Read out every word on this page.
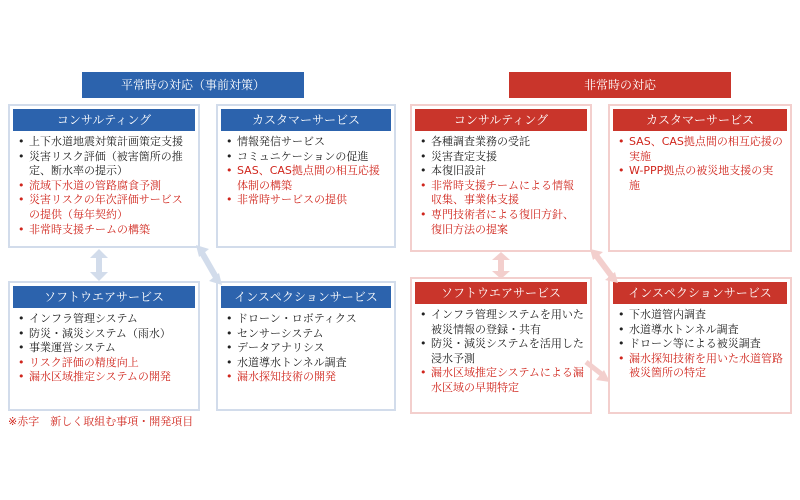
平常時の対応（事前対策）	非常時の対応
コンサルティング
• 上下水道地震対策計画策定支援
• 災害リスク評価（被害箇所の推定、断水率の提示）
• 流域下水道の管路腐食予測
• 災害リスクの年次評価サービスの提供（毎年契約）
• 非常時支援チームの構築
カスタマーサービス
• 情報発信サービス
• コミュニケーションの促進
• SAS、CAS拠点間の相互応援体制の構築
• 非常時サービスの提供
ソフトウエアサービス
• インフラ管理システム
• 防災・減災システム（雨水）
• 事業運営システム
• リスク評価の精度向上
• 漏水区域推定システムの開発
インスペクションサービス
• ドローン・ロボティクス
• センサーシステム
• データアナリシス
• 水道導水トンネル調査
• 漏水探知技術の開発
コンサルティング
• 各種調査業務の受託
• 災害査定支援
• 本復旧設計
• 非常時支援チームによる情報収集、事業体支援
• 専門技術者による復旧方針、復旧方法の提案
カスタマーサービス
• SAS、CAS拠点間の相互応援の実施
• W-PPP拠点の被災地支援の実施
ソフトウエアサービス
• インフラ管理システムを用いた被災情報の登録・共有
• 防災・減災システムを活用した浸水予測
• 漏水区域推定システムによる漏水区域の早期特定
インスペクションサービス
• 下水道管内調査
• 水道導水トンネル調査
• ドローン等による被災調査
• 漏水探知技術を用いた水道管路被災箇所の特定
※赤字　新しく取組む事項・開発項目
